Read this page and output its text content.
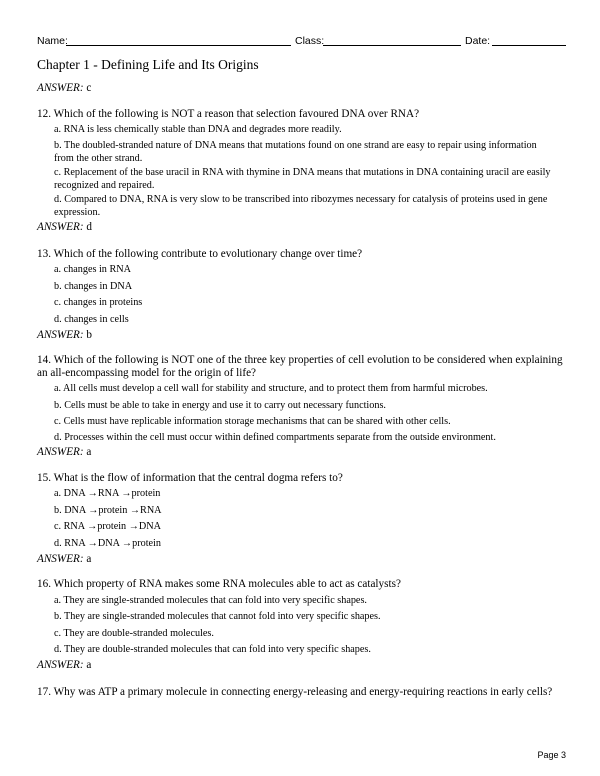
Name:	Class:	Date:
Chapter 1 - Defining Life and Its Origins
ANSWER: c
12. Which of the following is NOT a reason that selection favoured DNA over RNA?
a. RNA is less chemically stable than DNA and degrades more readily.
b. The doubled-stranded nature of DNA means that mutations found on one strand are easy to repair using information from the other strand.
c. Replacement of the base uracil in RNA with thymine in DNA means that mutations in DNA containing uracil are easily recognized and repaired.
d. Compared to DNA, RNA is very slow to be transcribed into ribozymes necessary for catalysis of proteins used in gene expression.
ANSWER: d
13. Which of the following contribute to evolutionary change over time?
a. changes in RNA
b. changes in DNA
c. changes in proteins
d. changes in cells
ANSWER: b
14. Which of the following is NOT one of the three key properties of cell evolution to be considered when explaining an all-encompassing model for the origin of life?
a. All cells must develop a cell wall for stability and structure, and to protect them from harmful microbes.
b. Cells must be able to take in energy and use it to carry out necessary functions.
c. Cells must have replicable information storage mechanisms that can be shared with other cells.
d. Processes within the cell must occur within defined compartments separate from the outside environment.
ANSWER: a
15. What is the flow of information that the central dogma refers to?
a. DNA →RNA →protein
b. DNA →protein →RNA
c. RNA →protein →DNA
d. RNA →DNA →protein
ANSWER: a
16. Which property of RNA makes some RNA molecules able to act as catalysts?
a. They are single-stranded molecules that can fold into very specific shapes.
b. They are single-stranded molecules that cannot fold into very specific shapes.
c. They are double-stranded molecules.
d. They are double-stranded molecules that can fold into very specific shapes.
ANSWER: a
17. Why was ATP a primary molecule in connecting energy-releasing and energy-requiring reactions in early cells?
Page 3
